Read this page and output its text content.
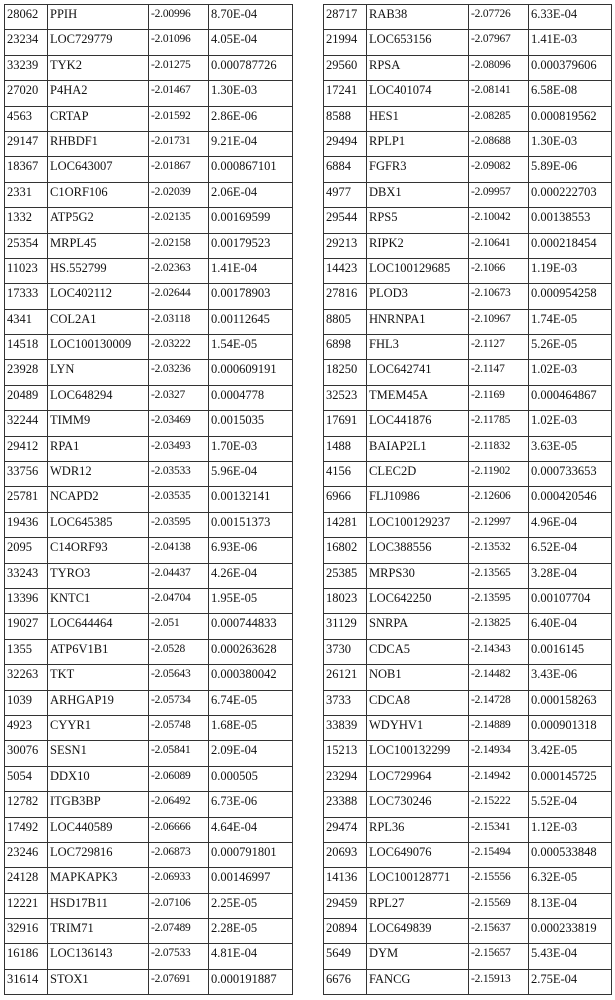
28062	PPIH	-2.00996	8.70E-04
23234	LOC729779	-2.01096	4.05E-04
33239	TYK2	-2.01275	0.000787726
27020	P4HA2	-2.01467	1.30E-03
4563	CRTAP	-2.01592	2.86E-06
29147	RHBDF1	-2.01731	9.21E-04
18367	LOC643007	-2.01867	0.000867101
2331	C1ORF106	-2.02039	2.06E-04
1332	ATP5G2	-2.02135	0.00169599
25354	MRPL45	-2.02158	0.00179523
11023	HS.552799	-2.02363	1.41E-04
17333	LOC402112	-2.02644	0.00178903
4341	COL2A1	-2.03118	0.00112645
14518	LOC100130009	-2.03222	1.54E-05
23928	LYN	-2.03236	0.000609191
20489	LOC648294	-2.0327	0.0004778
32244	TIMM9	-2.03469	0.0015035
29412	RPA1	-2.03493	1.70E-03
33756	WDR12	-2.03533	5.96E-04
25781	NCAPD2	-2.03535	0.00132141
19436	LOC645385	-2.03595	0.00151373
2095	C14ORF93	-2.04138	6.93E-06
33243	TYRO3	-2.04437	4.26E-04
13396	KNTC1	-2.04704	1.95E-05
19027	LOC644464	-2.051	0.000744833
1355	ATP6V1B1	-2.0528	0.000263628
32263	TKT	-2.05643	0.000380042
1039	ARHGAP19	-2.05734	6.74E-05
4923	CYYR1	-2.05748	1.68E-05
30076	SESN1	-2.05841	2.09E-04
5054	DDX10	-2.06089	0.000505
12782	ITGB3BP	-2.06492	6.73E-06
17492	LOC440589	-2.06666	4.64E-04
23246	LOC729816	-2.06873	0.000791801
24128	MAPKAPK3	-2.06933	0.00146997
12221	HSD17B11	-2.07106	2.25E-05
32916	TRIM71	-2.07489	2.28E-05
16186	LOC136143	-2.07533	4.81E-04
31614	STOX1	-2.07691	0.000191887
28717	RAB38	-2.07726	6.33E-04
21994	LOC653156	-2.07967	1.41E-03
29560	RPSA	-2.08096	0.000379606
17241	LOC401074	-2.08141	6.58E-08
8588	HES1	-2.08285	0.000819562
29494	RPLP1	-2.08688	1.30E-03
6884	FGFR3	-2.09082	5.89E-06
4977	DBX1	-2.09957	0.000222703
29544	RPS5	-2.10042	0.00138553
29213	RIPK2	-2.10641	0.000218454
14423	LOC100129685	-2.1066	1.19E-03
27816	PLOD3	-2.10673	0.000954258
8805	HNRNPA1	-2.10967	1.74E-05
6898	FHL3	-2.1127	5.26E-05
18250	LOC642741	-2.1147	1.02E-03
32523	TMEM45A	-2.1169	0.000464867
17691	LOC441876	-2.11785	1.02E-03
1488	BAIAP2L1	-2.11832	3.63E-05
4156	CLEC2D	-2.11902	0.000733653
6966	FLJ10986	-2.12606	0.000420546
14281	LOC100129237	-2.12997	4.96E-04
16802	LOC388556	-2.13532	6.52E-04
25385	MRPS30	-2.13565	3.28E-04
18023	LOC642250	-2.13595	0.00107704
31129	SNRPA	-2.13825	6.40E-04
3730	CDCA5	-2.14343	0.0016145
26121	NOB1	-2.14482	3.43E-06
3733	CDCA8	-2.14728	0.000158263
33839	WDYHV1	-2.14889	0.000901318
15213	LOC100132299	-2.14934	3.42E-05
23294	LOC729964	-2.14942	0.000145725
23388	LOC730246	-2.15222	5.52E-04
29474	RPL36	-2.15341	1.12E-03
20693	LOC649076	-2.15494	0.000533848
14136	LOC100128771	-2.15556	6.32E-05
29459	RPL27	-2.15569	8.13E-04
20894	LOC649839	-2.15637	0.000233819
5649	DYM	-2.15657	5.43E-04
6676	FANCG	-2.15913	2.75E-04
